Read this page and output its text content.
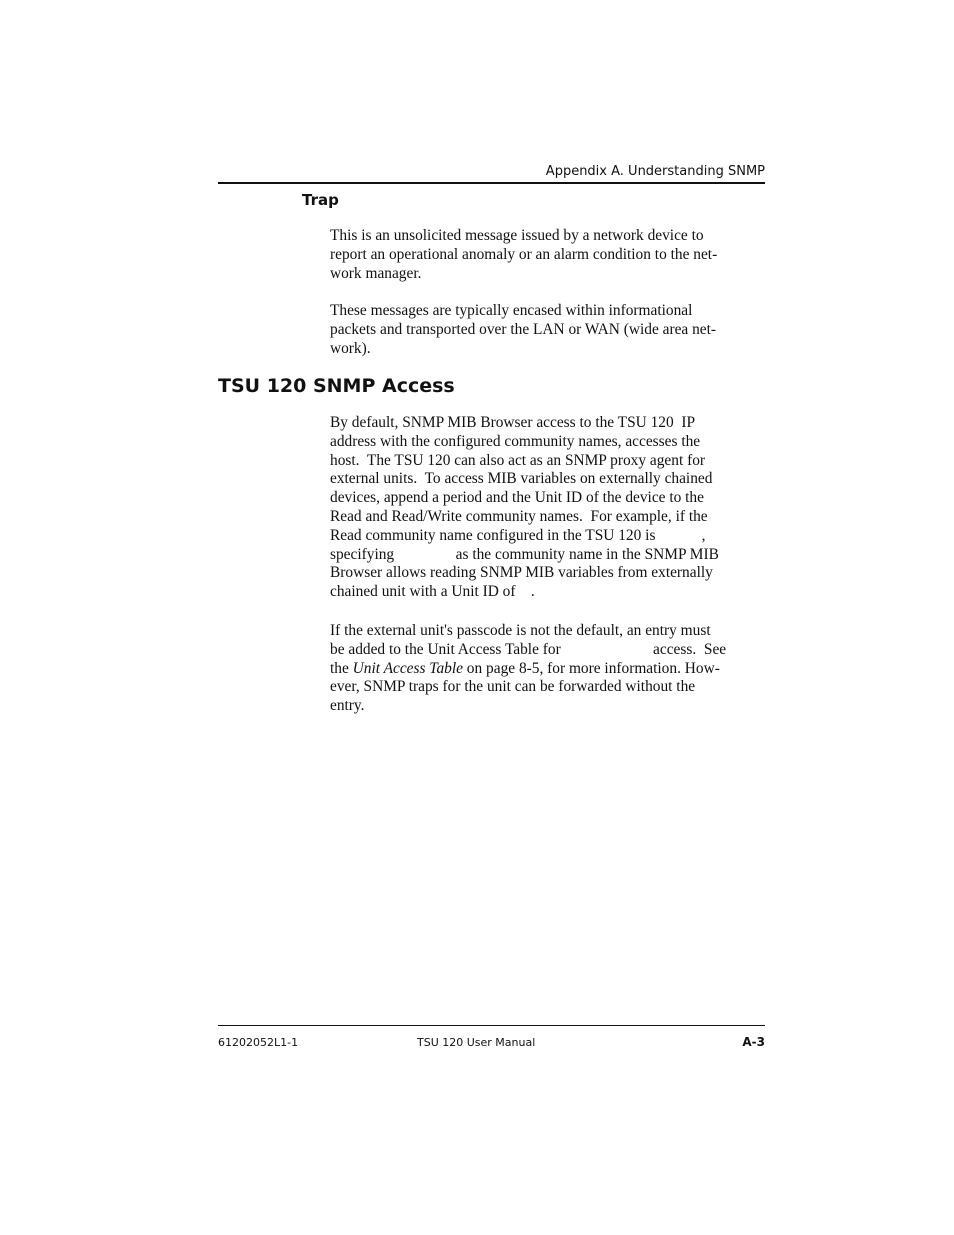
Appendix A. Understanding SNMP
Trap
This is an unsolicited message issued by a network device to
report an operational anomaly or an alarm condition to the net-
work manager.
These messages are typically encased within informational
packets and transported over the LAN or WAN (wide area net-
work).
TSU 120 SNMP Access
By default, SNMP MIB Browser access to the TSU 120  IP
address with the configured community names, accesses the
host.  The TSU 120 can also act as an SNMP proxy agent for
external units.  To access MIB variables on externally chained
devices, append a period and the Unit ID of the device to the
Read and Read/Write community names.  For example, if the
Read community name configured in the TSU 120 is            ,
specifying                as the community name in the SNMP MIB
Browser allows reading SNMP MIB variables from externally
chained unit with a Unit ID of    .
If the external unit's passcode is not the default, an entry must
be added to the Unit Access Table for                        access.  See
the Unit Access Table on page 8-5, for more information. How-
ever, SNMP traps for the unit can be forwarded without the
entry.
61202052L1-1	TSU 120 User Manual	A-3
